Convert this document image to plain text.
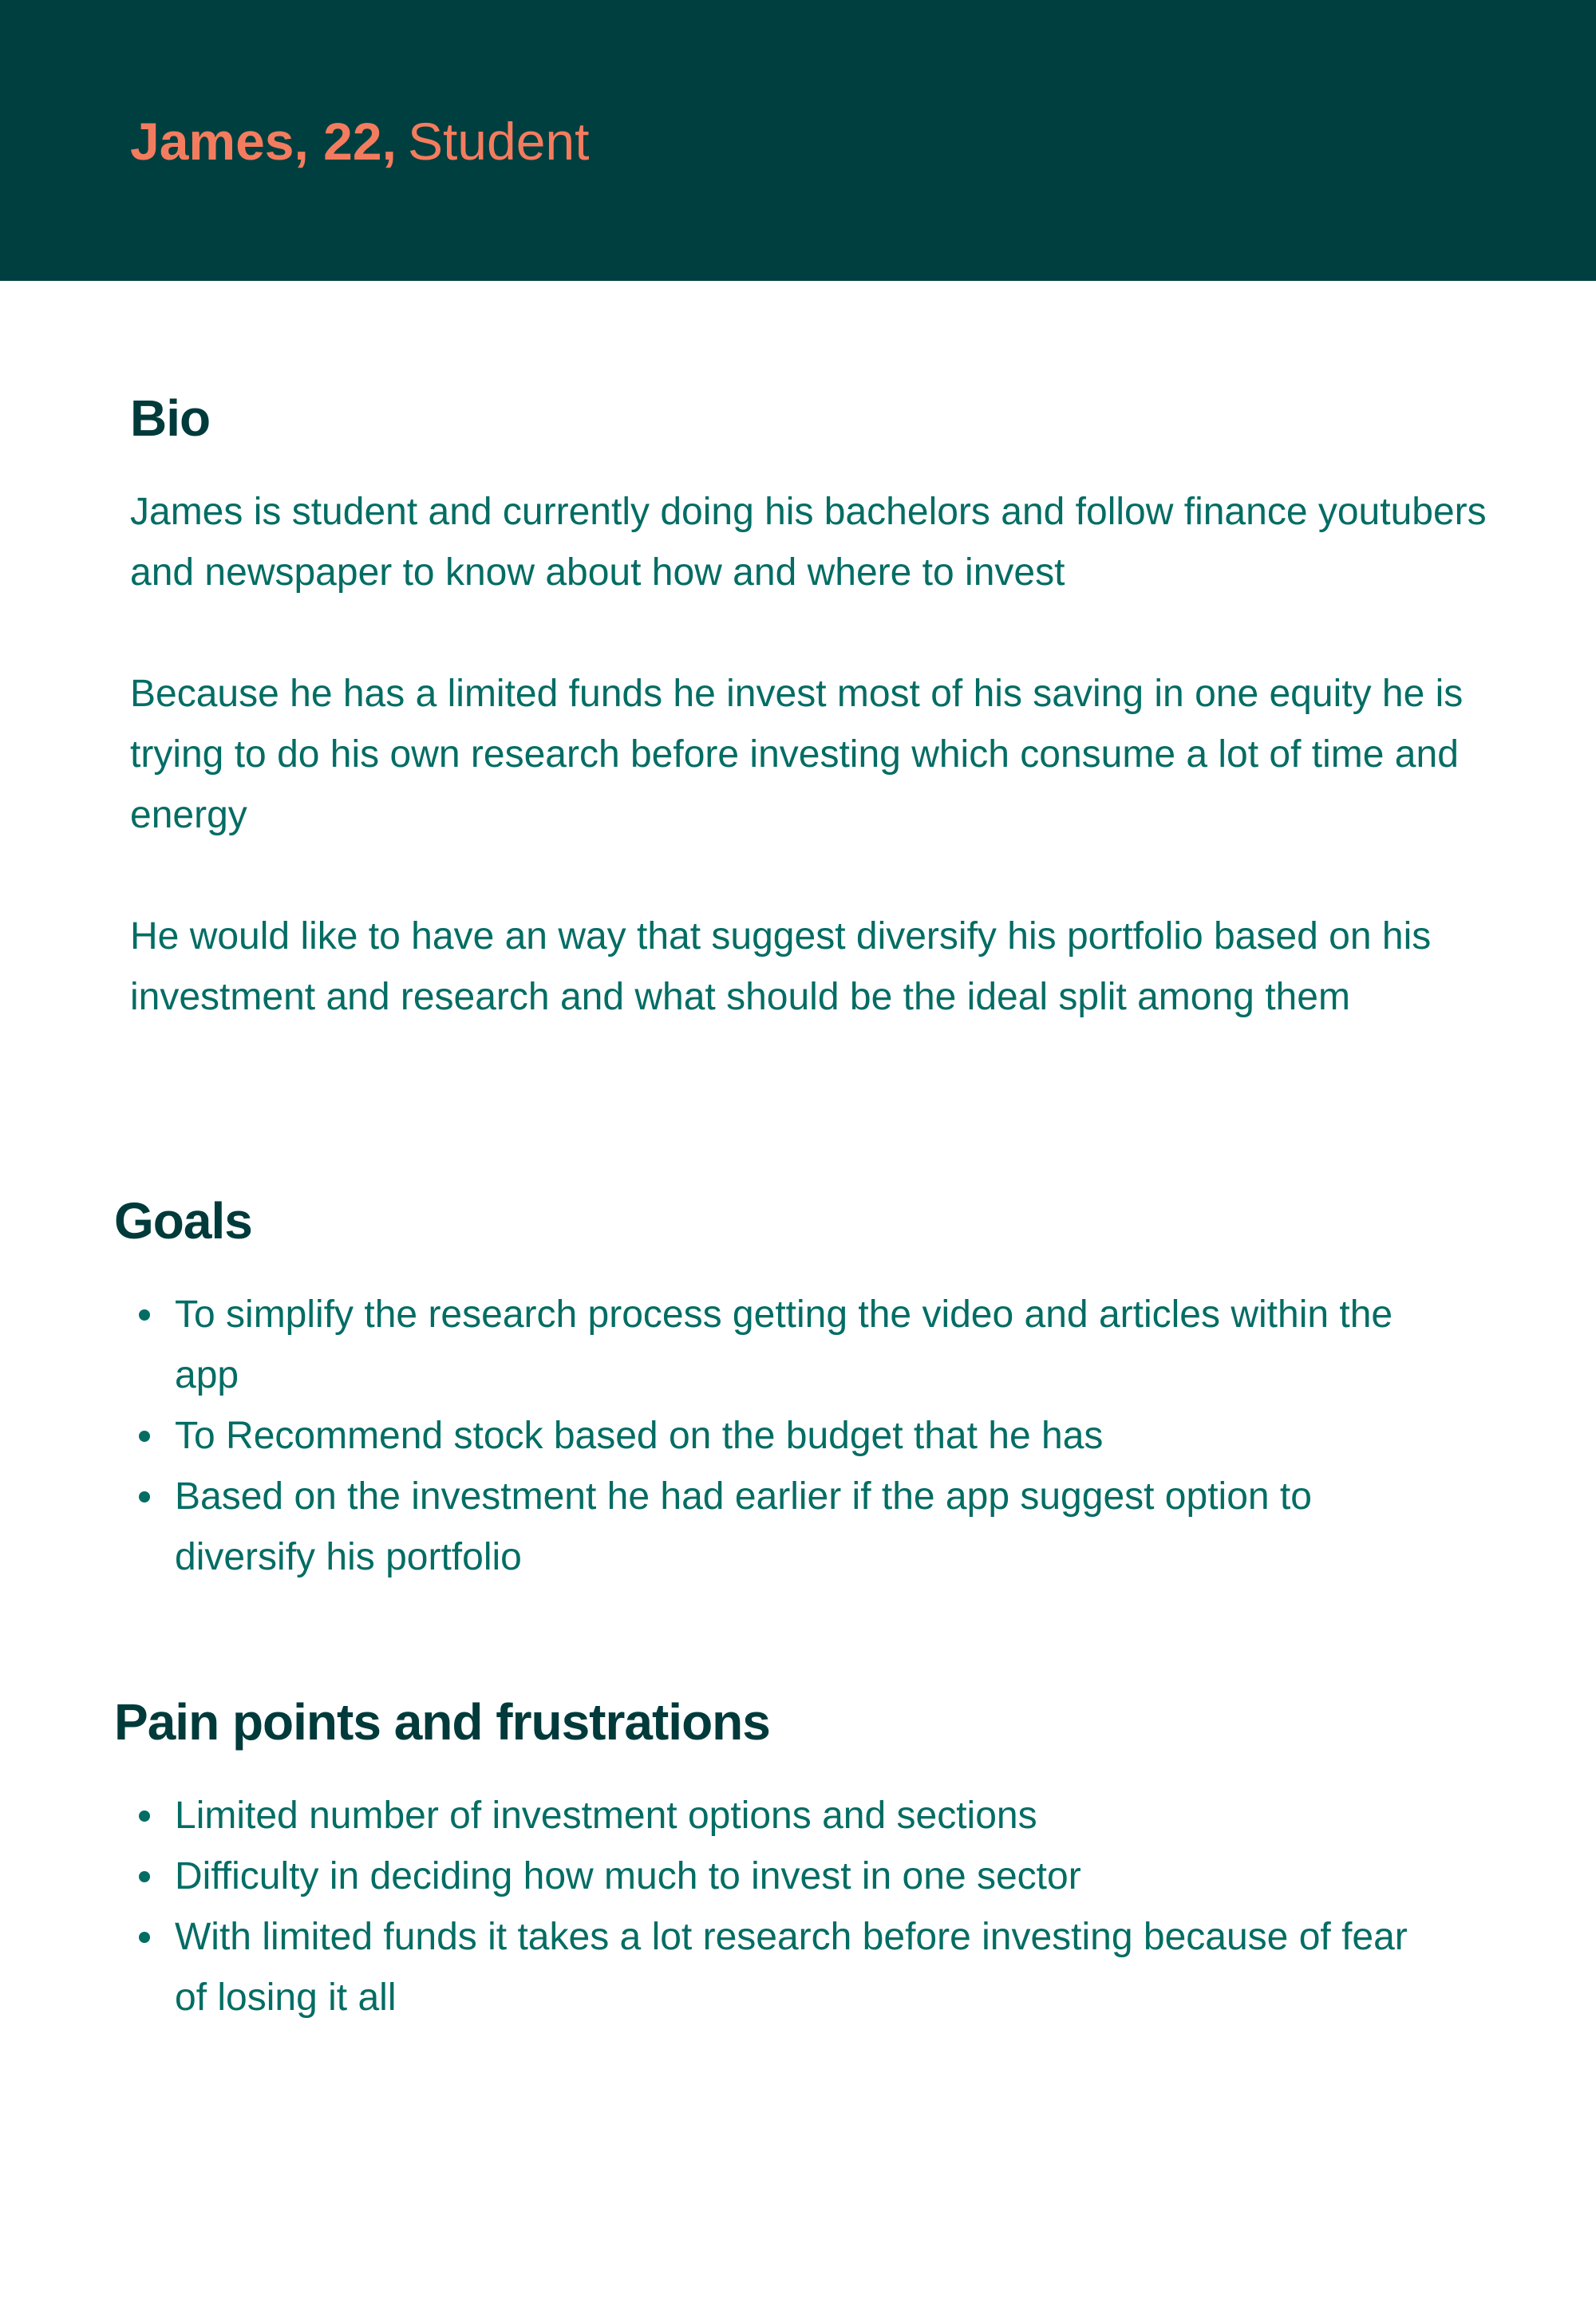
James, 22, Student
Bio

James is student and currently doing his bachelors and follow finance youtubers and newspaper to know about how and where to invest

Because he has a limited funds he invest most of his saving in one equity he is trying to do his own research before investing which consume a lot of time and energy

He would like to have an way that suggest diversify his portfolio based on his investment and research and what should be the ideal split among them

Goals
To simplify the research process getting the video and articles within the app
To Recommend stock based on the budget that he has
Based on the investment he had earlier if the app suggest option to diversify his portfolio
Pain points and frustrations
Limited number of investment options and sections
Difficulty in deciding how much to invest in one sector
With limited funds it takes a lot research before investing because of fear of losing it all
